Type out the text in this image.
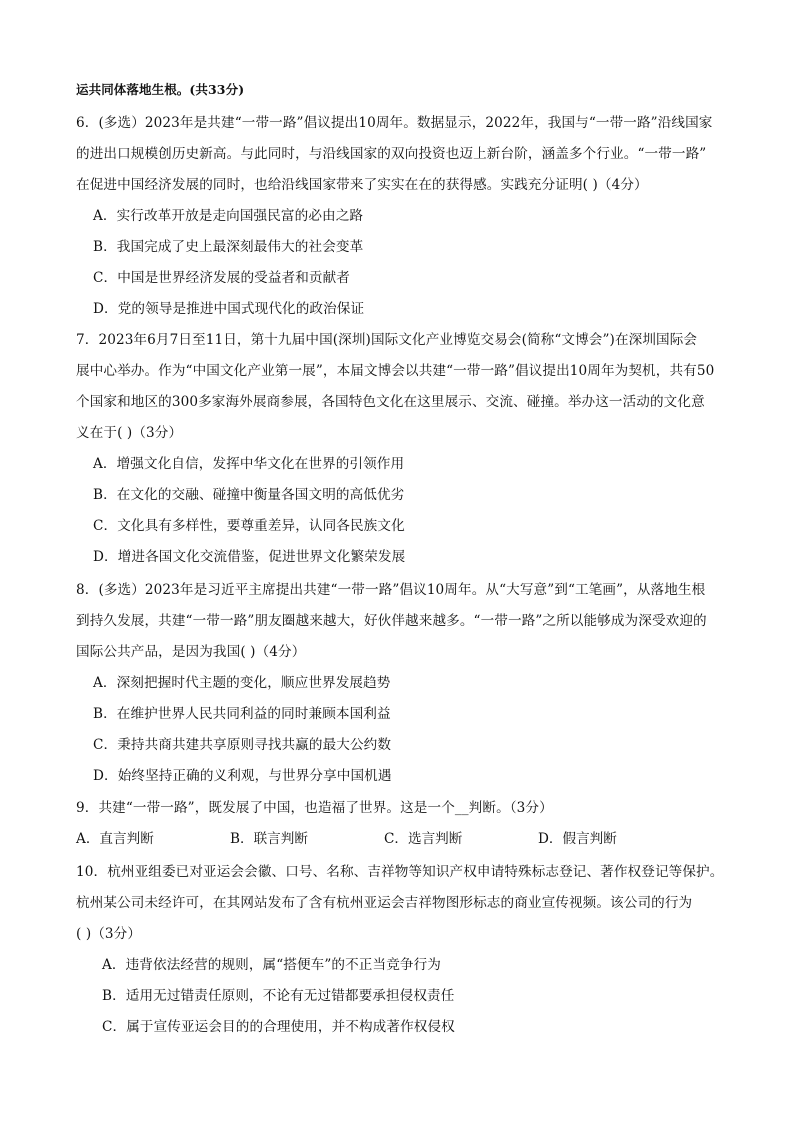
运共同体落地生根。(共33分)
6．(多选）2023年是共建“一带一路”倡议提出10周年。数据显示，2022年，我国与“一带一路”沿线国家
的进出口规模创历史新高。与此同时，与沿线国家的双向投资也迈上新台阶，涵盖多个行业。“一带一路”
在促进中国经济发展的同时，也给沿线国家带来了实实在在的获得感。实践充分证明( )（4分）
A．实行改革开放是走向国强民富的必由之路
B．我国完成了史上最深刻最伟大的社会变革
C．中国是世界经济发展的受益者和贡献者
D．党的领导是推进中国式现代化的政治保证
7．2023年6月7日至11日，第十九届中国(深圳)国际文化产业博览交易会(简称“文博会”)在深圳国际会
展中心举办。作为“中国文化产业第一展”，本届文博会以共建“一带一路”倡议提出10周年为契机，共有50
个国家和地区的300多家海外展商参展，各国特色文化在这里展示、交流、碰撞。举办这一活动的文化意
义在于( )（3分）
A．增强文化自信，发挥中华文化在世界的引领作用
B．在文化的交融、碰撞中衡量各国文明的高低优劣
C．文化具有多样性，要尊重差异，认同各民族文化
D．增进各国文化交流借鉴，促进世界文化繁荣发展
8．(多选）2023年是习近平主席提出共建“一带一路”倡议10周年。从“大写意”到“工笔画”，从落地生根
到持久发展，共建“一带一路”朋友圈越来越大，好伙伴越来越多。“一带一路”之所以能够成为深受欢迎的
国际公共产品，是因为我国( )（4分）
A．深刻把握时代主题的变化，顺应世界发展趋势
B．在维护世界人民共同利益的同时兼顾本国利益
C．秉持共商共建共享原则寻找共赢的最大公约数
D．始终坚持正确的义利观，与世界分享中国机遇
9．共建“一带一路”，既发展了中国，也造福了世界。这是一个__判断。（3分）
A．直言判断	B．联言判断	C．选言判断	D．假言判断
10．杭州亚组委已对亚运会会徽、口号、名称、吉祥物等知识产权申请特殊标志登记、著作权登记等保护。
杭州某公司未经许可，在其网站发布了含有杭州亚运会吉祥物图形标志的商业宣传视频。该公司的行为
( )（3分）
A．违背依法经营的规则，属“搭便车”的不正当竞争行为
B．适用无过错责任原则，不论有无过错都要承担侵权责任
C．属于宣传亚运会目的的合理使用，并不构成著作权侵权
